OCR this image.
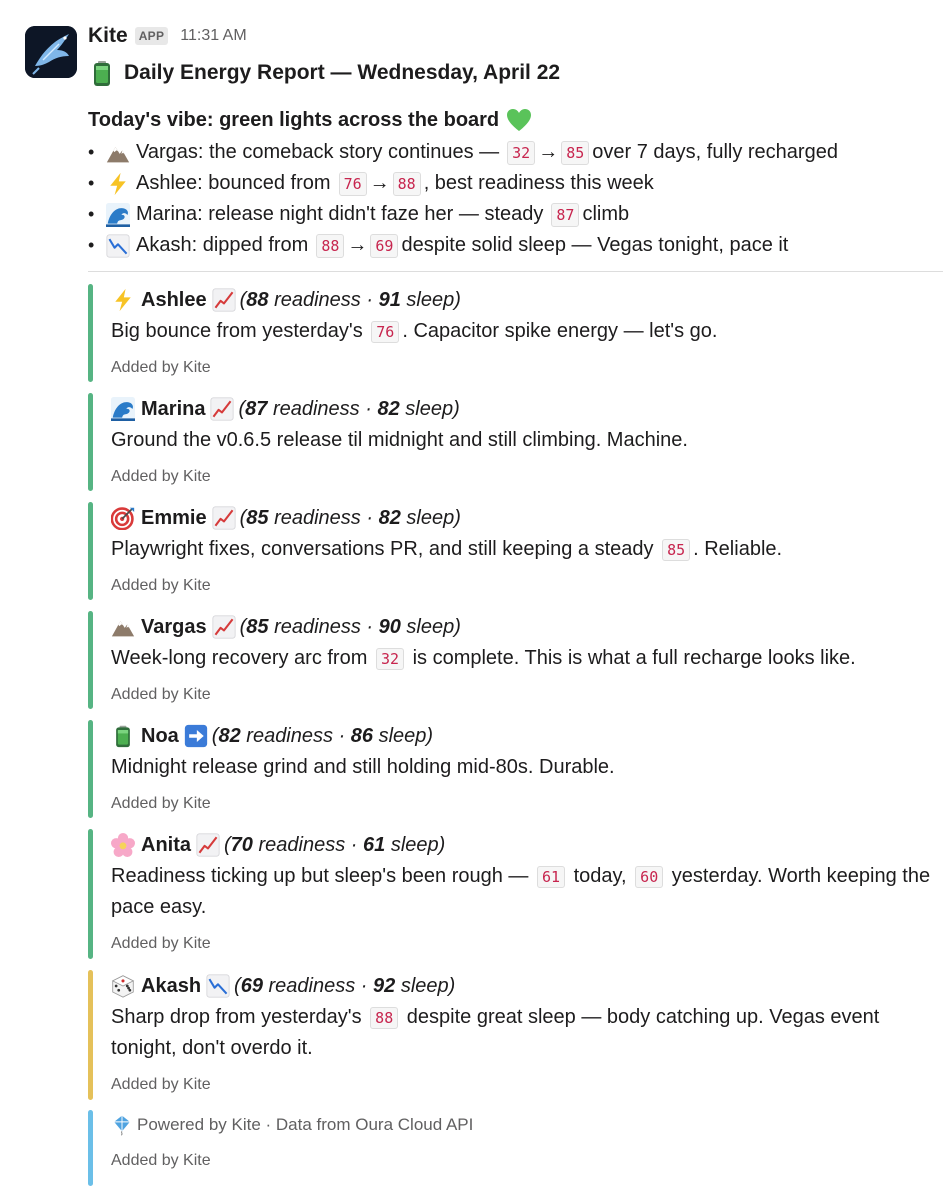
Kite APP 11:31 AM
Daily Energy Report — Wednesday, April 22
Today's vibe: green lights across the board
•	Vargas: the comeback story continues — 32 → 85 over 7 days, fully recharged
•	Ashlee: bounced from 76 → 88 , best readiness this week
•	Marina: release night didn't faze her — steady 87 climb
•	Akash: dipped from 88 → 69 despite solid sleep — Vegas tonight, pace it
Ashlee (88 readiness · 91 sleep)
Big bounce from yesterday's 76 . Capacitor spike energy — let's go.
Added by Kite
Marina (87 readiness · 82 sleep)
Ground the v0.6.5 release til midnight and still climbing. Machine.
Added by Kite
Emmie (85 readiness · 82 sleep)
Playwright fixes, conversations PR, and still keeping a steady 85 . Reliable.
Added by Kite
Vargas (85 readiness · 90 sleep)
Week-long recovery arc from 32 is complete. This is what a full recharge looks like.
Added by Kite
Noa (82 readiness · 86 sleep)
Midnight release grind and still holding mid-80s. Durable.
Added by Kite
Anita (70 readiness · 61 sleep)
Readiness ticking up but sleep's been rough — 61 today, 60 yesterday. Worth keeping the pace easy.
Added by Kite
Akash (69 readiness · 92 sleep)
Sharp drop from yesterday's 88 despite great sleep — body catching up. Vegas event tonight, don't overdo it.
Added by Kite
Powered by Kite · Data from Oura Cloud API
Added by Kite
